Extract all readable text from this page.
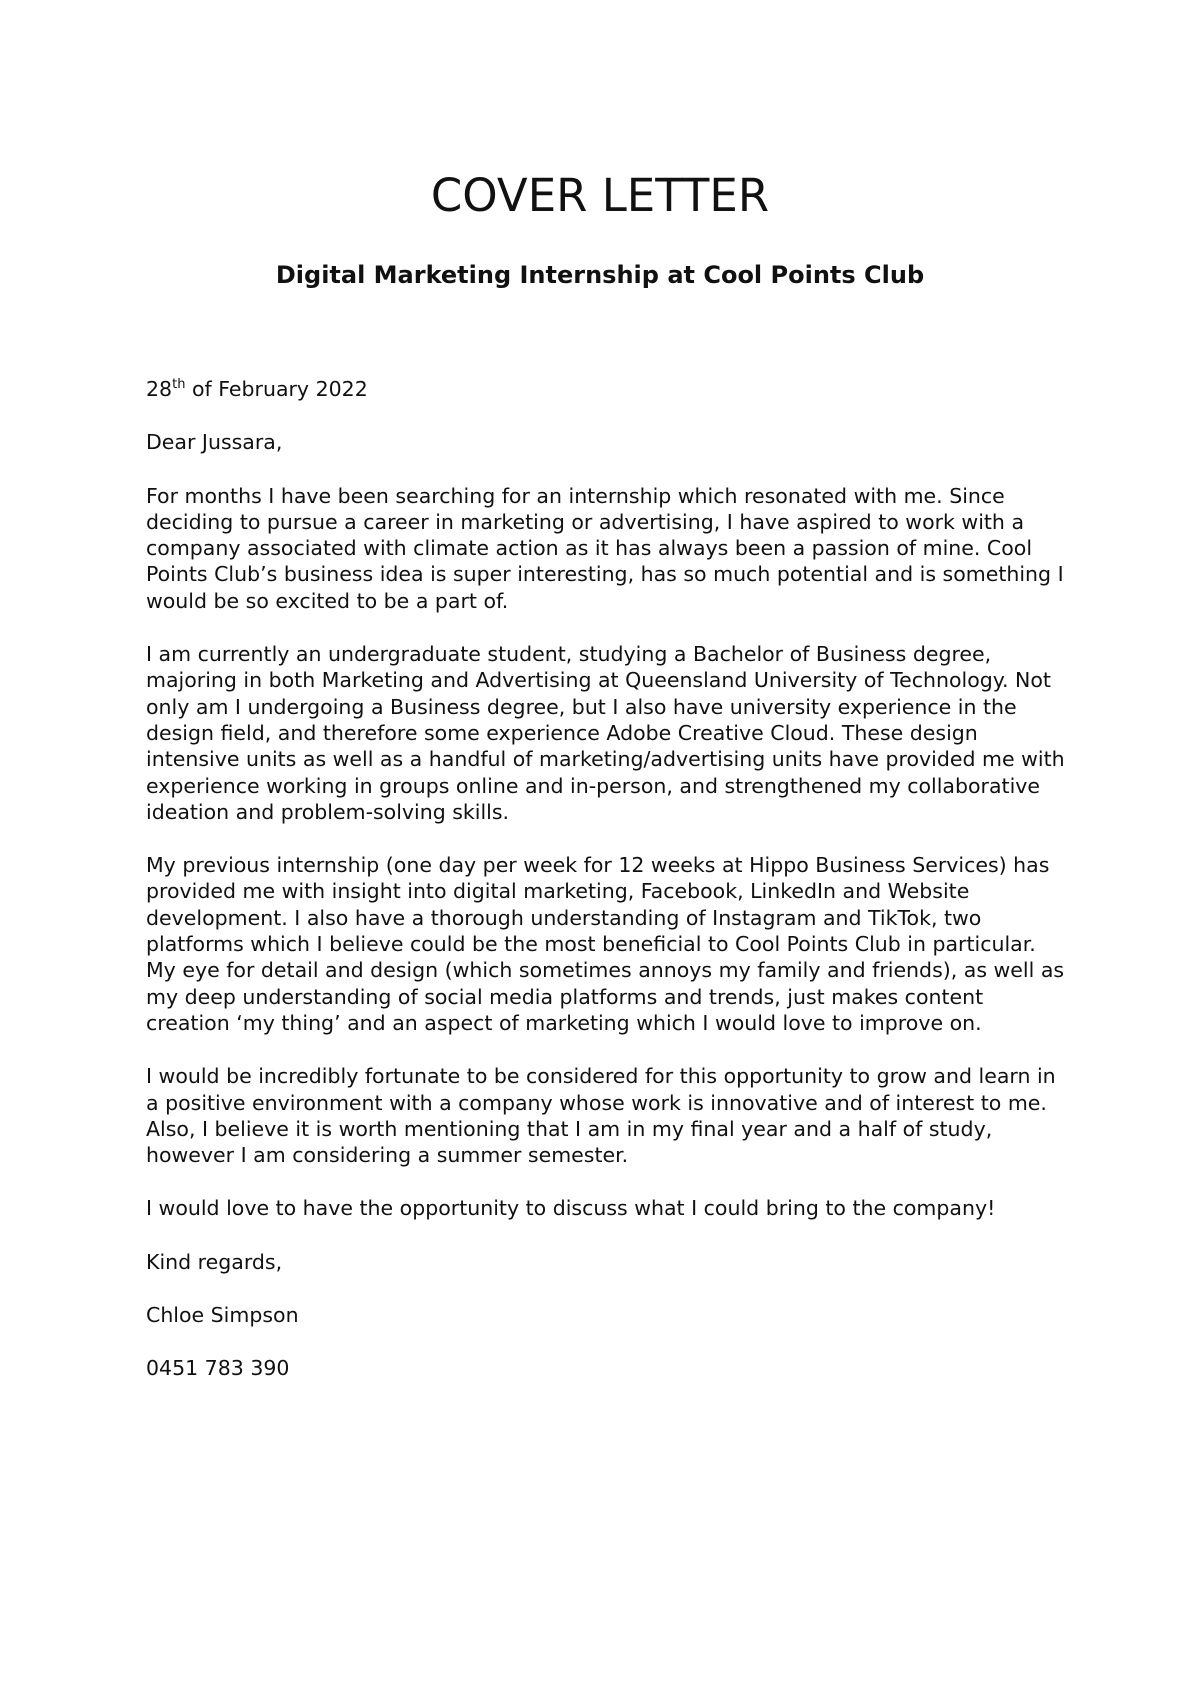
COVER LETTER
Digital Marketing Internship at Cool Points Club

28th of February 2022

Dear Jussara,

For months I have been searching for an internship which resonated with me. Since deciding to pursue a career in marketing or advertising, I have aspired to work with a company associated with climate action as it has always been a passion of mine. Cool Points Club’s business idea is super interesting, has so much potential and is something I would be so excited to be a part of.

I am currently an undergraduate student, studying a Bachelor of Business degree, majoring in both Marketing and Advertising at Queensland University of Technology. Not only am I undergoing a Business degree, but I also have university experience in the design field, and therefore some experience Adobe Creative Cloud. These design intensive units as well as a handful of marketing/advertising units have provided me with experience working in groups online and in-person, and strengthened my collaborative ideation and problem-solving skills.

My previous internship (one day per week for 12 weeks at Hippo Business Services) has provided me with insight into digital marketing, Facebook, LinkedIn and Website development. I also have a thorough understanding of Instagram and TikTok, two platforms which I believe could be the most beneficial to Cool Points Club in particular. My eye for detail and design (which sometimes annoys my family and friends), as well as my deep understanding of social media platforms and trends, just makes content creation ‘my thing’ and an aspect of marketing which I would love to improve on.

I would be incredibly fortunate to be considered for this opportunity to grow and learn in a positive environment with a company whose work is innovative and of interest to me. Also, I believe it is worth mentioning that I am in my final year and a half of study, however I am considering a summer semester.

I would love to have the opportunity to discuss what I could bring to the company!

Kind regards,

Chloe Simpson

0451 783 390
